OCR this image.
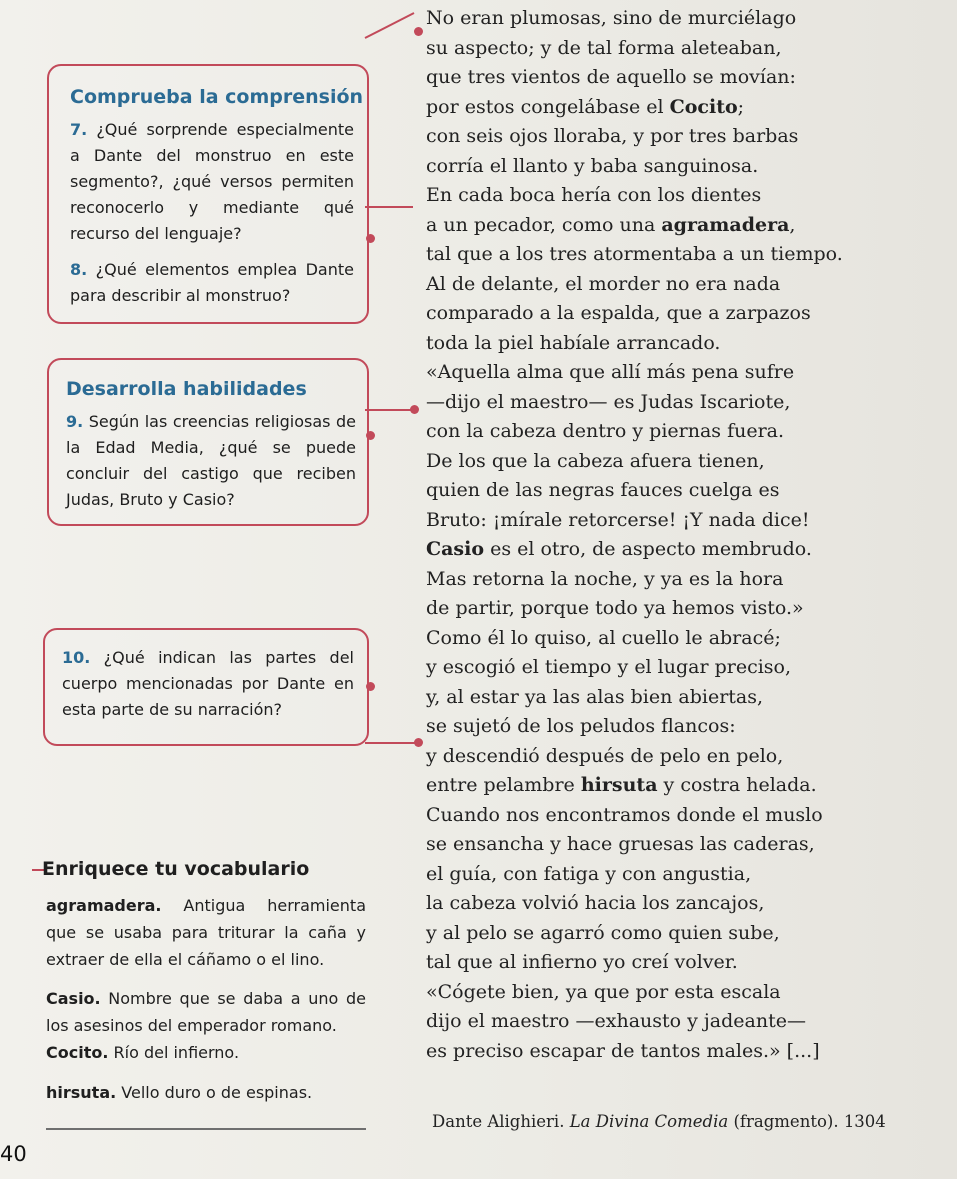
Comprueba la comprensión
7. ¿Qué sorprende especialmente a Dante del monstruo en este segmento?, ¿qué versos permiten reconocerlo y mediante qué recurso del lenguaje?
8. ¿Qué elementos emplea Dante para describir al monstruo?
Desarrolla habilidades
9. Según las creencias religiosas de la Edad Media, ¿qué se puede concluir del castigo que reciben Judas, Bruto y Casio?
10. ¿Qué indican las partes del cuerpo mencionadas por Dante en esta parte de su narración?
Enriquece tu vocabulario
agramadera. Antigua herramienta que se usaba para triturar la caña y extraer de ella el cáñamo o el lino.
Casio. Nombre que se daba a uno de los asesinos del emperador romano.
Cocito. Río del infierno.
hirsuta. Vello duro o de espinas.
No eran plumosas, sino de murciélago
su aspecto; y de tal forma aleteaban,
que tres vientos de aquello se movían:
por estos congelábase el Cocito;
con seis ojos lloraba, y por tres barbas
corría el llanto y baba sanguinosa.
En cada boca hería con los dientes
a un pecador, como una agramadera,
tal que a los tres atormentaba a un tiempo.
Al de delante, el morder no era nada
comparado a la espalda, que a zarpazos
toda la piel habíale arrancado.
«Aquella alma que allí más pena sufre
—dijo el maestro— es Judas Iscariote,
con la cabeza dentro y piernas fuera.
De los que la cabeza afuera tienen,
quien de las negras fauces cuelga es
Bruto: ¡mírale retorcerse! ¡Y nada dice!
Casio es el otro, de aspecto membrudo.
Mas retorna la noche, y ya es la hora
de partir, porque todo ya hemos visto.»
Como él lo quiso, al cuello le abracé;
y escogió el tiempo y el lugar preciso,
y, al estar ya las alas bien abiertas,
se sujetó de los peludos flancos:
y descendió después de pelo en pelo,
entre pelambre hirsuta y costra helada.
Cuando nos encontramos donde el muslo
se ensancha y hace gruesas las caderas,
el guía, con fatiga y con angustia,
la cabeza volvió hacia los zancajos,
y al pelo se agarró como quien sube,
tal que al infierno yo creí volver.
«Cógete bien, ya que por esta escala
dijo el maestro —exhausto y jadeante—
es preciso escapar de tantos males.» [...]
Dante Alighieri. La Divina Comedia (fragmento). 1304
40
